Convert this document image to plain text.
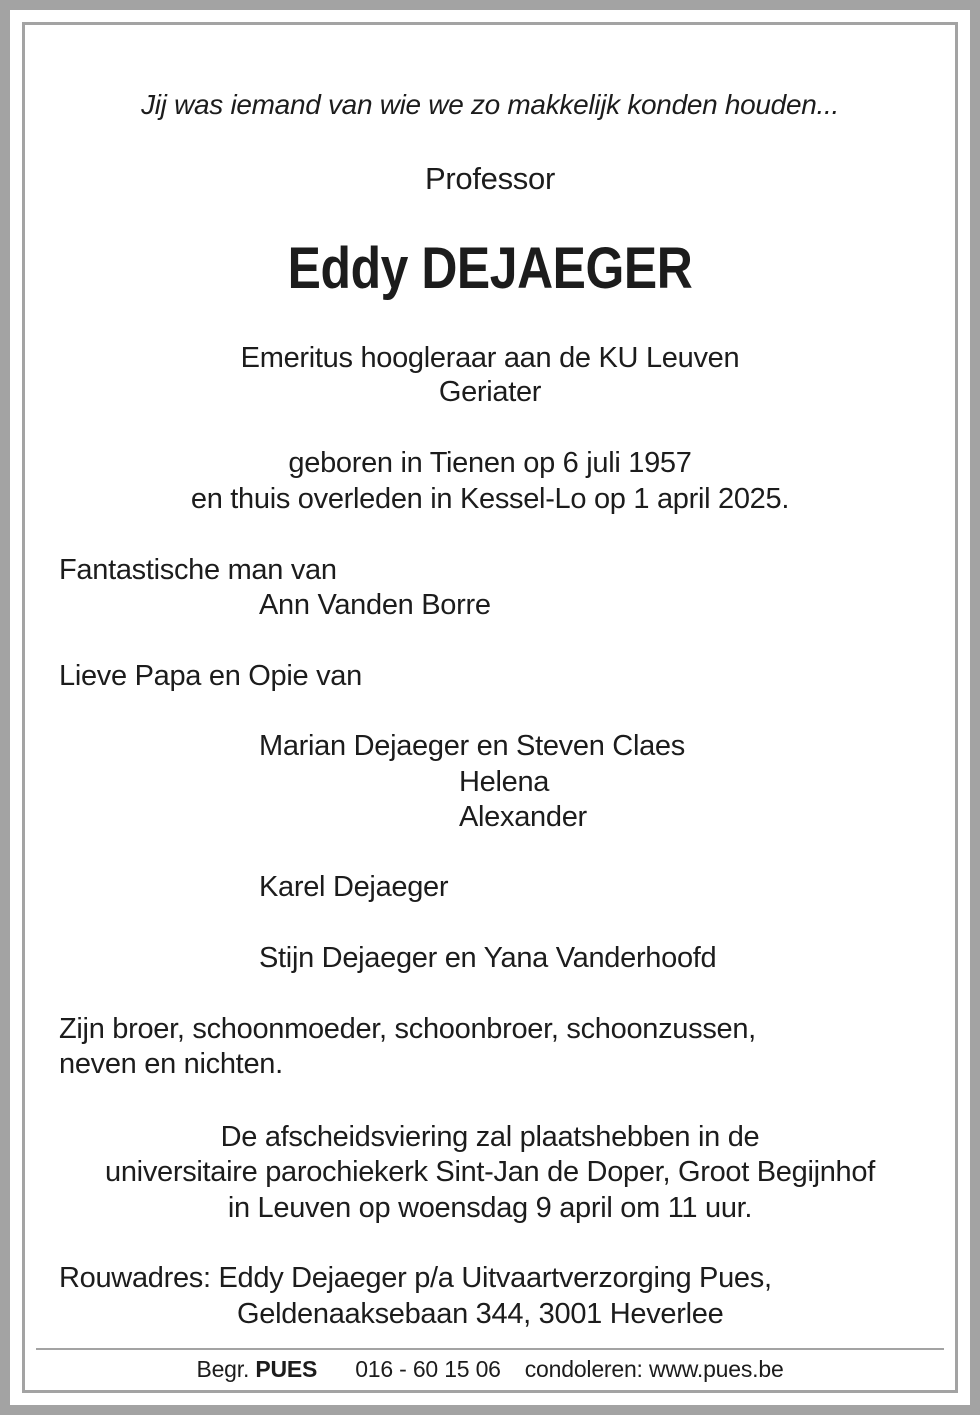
Jij was iemand van wie we zo makkelijk konden houden...
Professor
Eddy DEJAEGER
Emeritus hoogleraar aan de KU Leuven
Geriater
geboren in Tienen op 6 juli 1957
en thuis overleden in Kessel-Lo op 1 april 2025.
Fantastische man van
Ann Vanden Borre
Lieve Papa en Opie van
Marian Dejaeger en Steven Claes
Helena
Alexander
Karel Dejaeger
Stijn Dejaeger en Yana Vanderhoofd
Zijn broer, schoonmoeder, schoonbroer, schoonzussen,
neven en nichten.
De afscheidsviering zal plaatshebben in de
universitaire parochiekerk Sint-Jan de Doper, Groot Begijnhof
in Leuven op woensdag 9 april om 11 uur.
Rouwadres: Eddy Dejaeger p/a Uitvaartverzorging Pues,
Geldenaaksebaan 344, 3001 Heverlee
Begr. PUES 016 - 60 15 06 condoleren: www.pues.be
